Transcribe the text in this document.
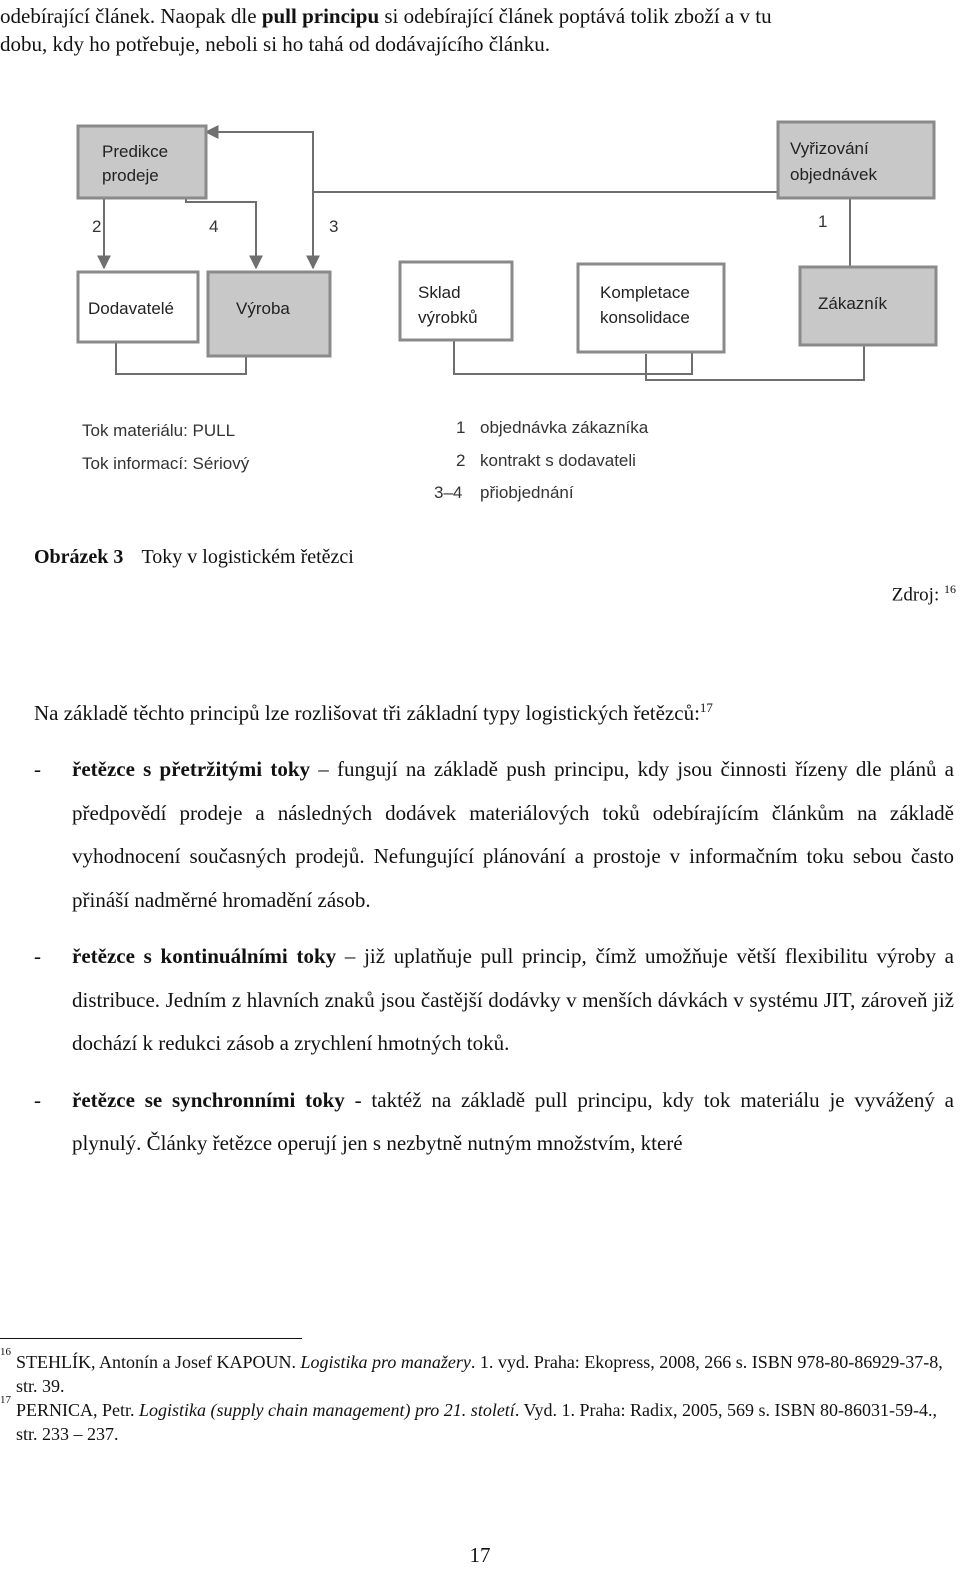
odebírající článek. Naopak dle pull principu si odebírající článek poptává tolik zboží a v tu

dobu, kdy ho potřebuje, neboli si ho tahá od dodávajícího článku.

Predikce
prodeje
Vyřizování
objednávek
Dodavatelé	Výroba
Sklad
výrobků
Kompletace
konsolidace
Zákazník
2	4	3	1
Tok materiálu: PULL
Tok informací: Sériový
1 objednávka zákazníka
2 kontrakt s dodavateli
3–4 přiobjednání
Obrázek 3 Toky v logistickém řetězci
Zdroj: $^{16}$
Na základě těchto principů lze rozlišovat tři základní typy logistických řetězců:$^{17}$
- řetězce s přetržitými toky – fungují na základě push principu, kdy jsou činnosti řízeny dle plánů a předpovědí prodeje a následných dodávek materiálových toků odebírajícím článkům na základě vyhodnocení současných prodejů. Nefungující plánování a prostoje v informačním toku sebou často přináší nadměrné hromadění zásob.
- řetězce s kontinuálními toky – již uplatňuje pull princip, čímž umožňuje větší flexibilitu výroby a distribuce. Jedním z hlavních znaků jsou častější dodávky v menších dávkách v systému JIT, zároveň již dochází k redukci zásob a zrychlení hmotných toků.
- řetězce se synchronními toky - taktéž na základě pull principu, kdy tok materiálu je vyvážený a plynulý. Články řetězce operují jen s nezbytně nutným množstvím, které
16 STEHLÍK, Antonín a Josef KAPOUN. Logistika pro manažery. 1. vyd. Praha: Ekopress, 2008, 266 s. ISBN 978-80-86929-37-8, str. 39.
17 PERNICA, Petr. Logistika (supply chain management) pro 21. století. Vyd. 1. Praha: Radix, 2005, 569 s. ISBN 80-86031-59-4., str. 233 – 237.
17
